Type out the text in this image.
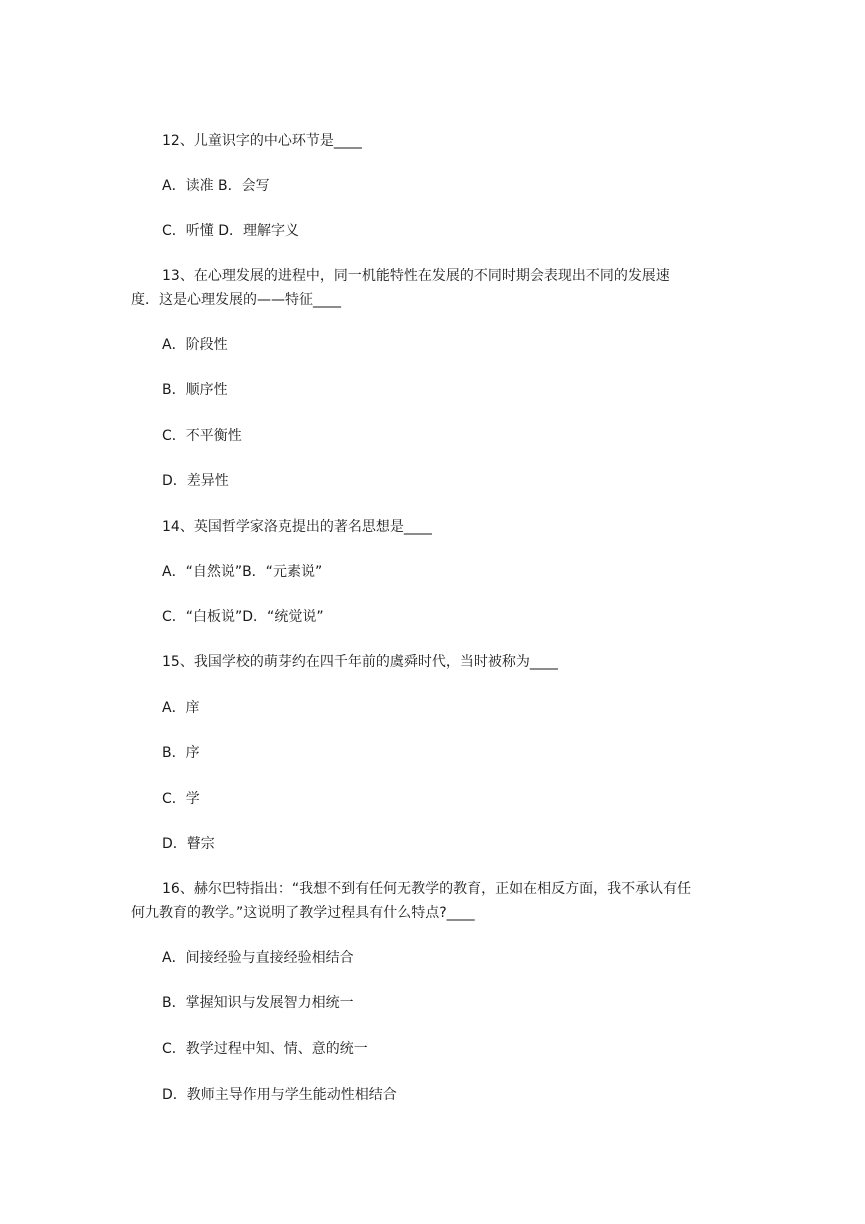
12、儿童识字的中心环节是____
A．读准 B．会写
C．听懂 D．理解字义
13、在心理发展的进程中，同一机能特性在发展的不同时期会表现出不同的发展速
度．这是心理发展的——特征____
A．阶段性
B．顺序性
C．不平衡性
D．差异性
14、英国哲学家洛克提出的著名思想是____
A．“自然说”B．“元素说”
C．“白板说”D．“统觉说”
15、我国学校的萌芽约在四千年前的虞舜时代，当时被称为____
A．庠
B．序
C．学
D．瞽宗
16、赫尔巴特指出：“我想不到有任何无教学的教育，正如在相反方面，我不承认有任
何九教育的教学。”这说明了教学过程具有什么特点?____
A．间接经验与直接经验相结合
B．掌握知识与发展智力相统一
C．教学过程中知、情、意的统一
D．教师主导作用与学生能动性相结合
